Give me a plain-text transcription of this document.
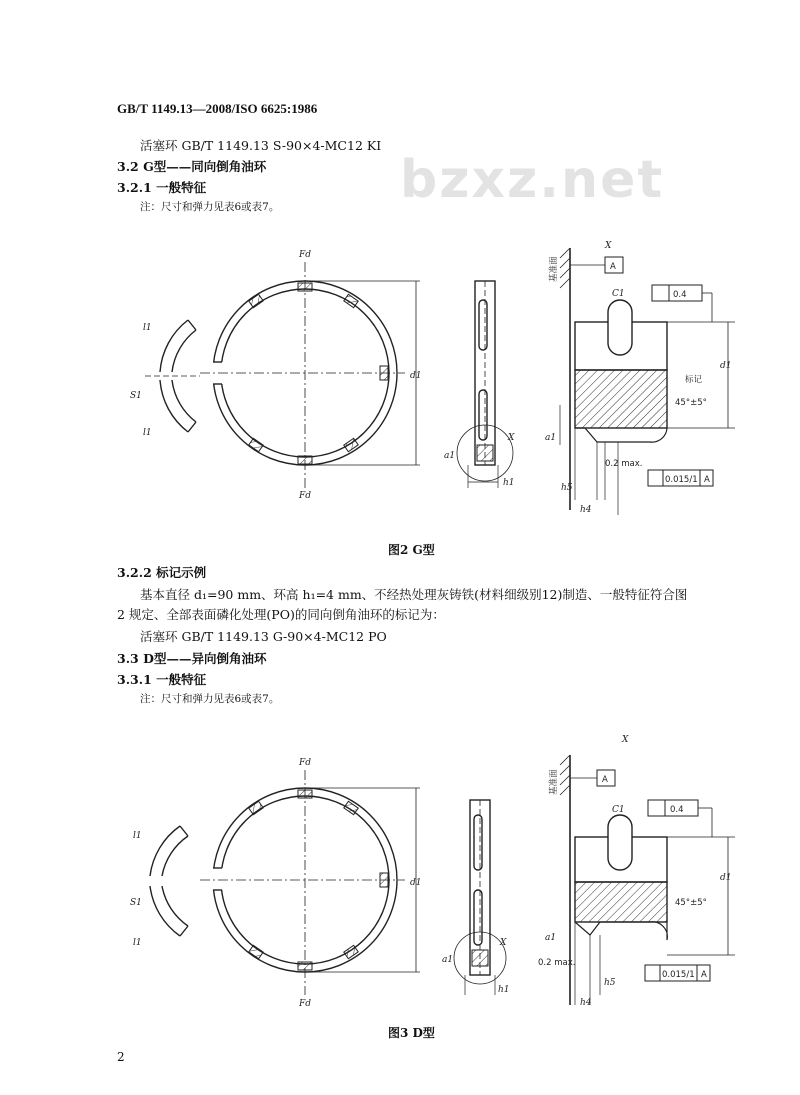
GB/T 1149.13—2008/ISO 6625:1986
bzxz.net
活塞环 GB/T 1149.13 S-90×4-MC12 KI
3.2 G型——同向倒角油环
3.2.1 一般特征
注：尺寸和弹力见表6或表7。
图2 G型
3.2.2 标记示例
基本直径 d₁=90 mm、环高 h₁=4 mm、不经热处理灰铸铁(材料细级别12)制造、一般特征符合图
2 规定、全部表面磷化处理(PO)的同向倒角油环的标记为：
活塞环 GB/T 1149.13 G-90×4-MC12 PO
3.3 D型——异向倒角油环
3.3.1 一般特征
注：尺寸和弹力见表6或表7。
图3 D型
2
Fd
Fd
d1
h1
X
a1
S1
l1
l1
X
C1
d1
a1
h5
h4
Fd
Fd
d1
h1
X
a1
S1
l1
l1
X
C1
d1
a1
h5
h4
A
0.4
标记
45°±5°
0.2 max.
0.015/1 A
A
0.4
45°±5°
0.2 max.
0.015/1 A
基准面
基准面
